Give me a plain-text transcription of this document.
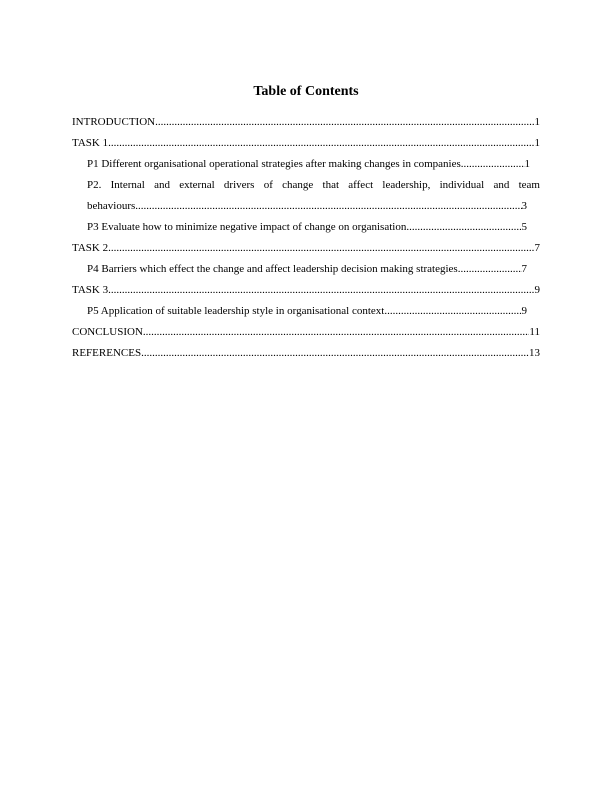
Table of Contents
INTRODUCTION .....	1
TASK 1 .....	1
P1 Different organisational operational strategies after making changes in companies .....	1
P2. Internal and external drivers of change that affect leadership, individual and team
behaviours .....	3
P3 Evaluate how to minimize negative impact of change on organisation .....	5
TASK 2 .....	7
P4 Barriers which effect the change and affect leadership decision making strategies .....	7
TASK 3 .....	9
P5 Application of suitable leadership style in organisational context .....	9
CONCLUSION .....	11
REFERENCES .....	13
